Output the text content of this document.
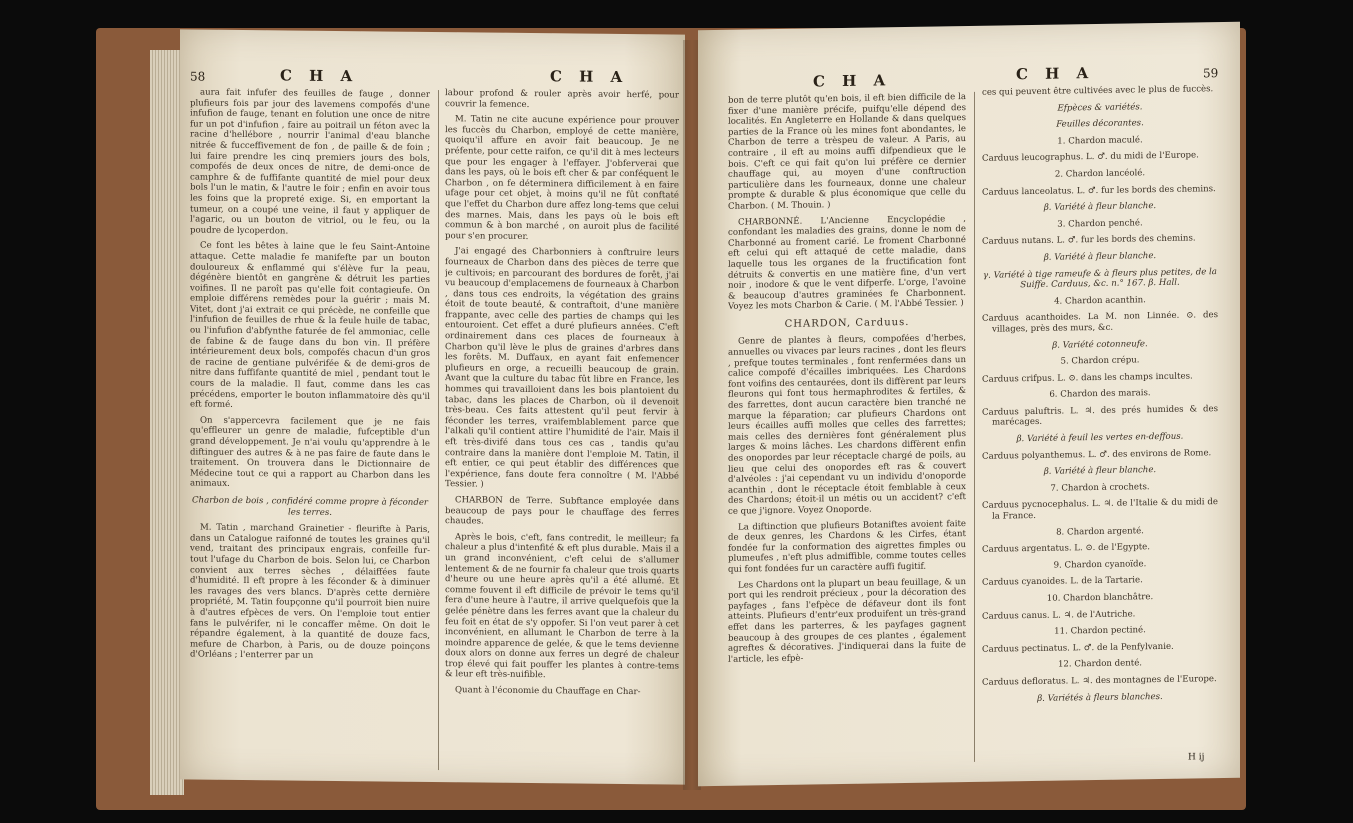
58	C H A	C H A

aura fait infufer des feuilles de fauge , donner plufieurs fois par jour des lavemens compofés d'une infufion de fauge, tenant en folution une once de nitre fur un pot d'infufion , faire au poitrail un féton avec la racine d'hellébore , nourrir l'animal d'eau blanche nitrée & fucceffivement de fon , de paille & de foin ; lui faire prendre les cinq premiers jours des bols, compofés de deux onces de nitre, de demi-once de camphre & de fuffifante quantité de miel pour deux bols l'un le matin, & l'autre le foir ; enfin en avoir tous les foins que la propreté exige. Si, en emportant la tumeur, on a coupé une veine, il faut y appliquer de l'agaric, ou un bouton de vitriol, ou le feu, ou la poudre de lycoperdon.

Ce font les bêtes à laine que le feu Saint-Antoine attaque. Cette maladie fe manifefte par un bouton douloureux & enflammé qui s'élève fur la peau, dégénère bientôt en gangrène & détruit les parties voifines. Il ne paroît pas qu'elle foit contagieufe. On emploie différens remèdes pour la guérir ; mais M. Vitet, dont j'ai extrait ce qui précède, ne confeille que l'infufion de feuilles de rhue & la feule huile de tabac, ou l'infufion d'abfynthe faturée de fel ammoniac, celle de fabine & de fauge dans du bon vin. Il préfère intérieurement deux bols, compofés chacun d'un gros de racine de gentiane pulvérifée & de demi-gros de nitre dans fuffifante quantité de miel , pendant tout le cours de la maladie. Il faut, comme dans les cas précédens, emporter le bouton inflammatoire dès qu'il eft formé.

On s'appercevra facilement que je ne fais qu'effleurer un genre de maladie, fufceptible d'un grand développement. Je n'ai voulu qu'apprendre à le diftinguer des autres & à ne pas faire de faute dans le traitement. On trouvera dans le Dictionnaire de Médecine tout ce qui a rapport au Charbon dans les animaux.

Charbon de bois , confidéré comme propre à féconder les terres.

M. Tatin , marchand Grainetier - fleurifte à Paris, dans un Catalogue raifonné de toutes les graines qu'il vend, traitant des principaux engrais, confeille fur-tout l'ufage du Charbon de bois. Selon lui, ce Charbon convient aux terres sèches , délaiffées faute d'humidité. Il eft propre à les féconder & à diminuer les ravages des vers blancs. D'après cette dernière propriété, M. Tatin foupçonne qu'il pourroit bien nuire à d'autres efpèces de vers. On l'emploie tout entier fans le pulvérifer, ni le concaffer même. On doit le répandre également, à la quantité de douze facs, mefure de Charbon, à Paris, ou de douze poinçons d'Orléans ; l'enterrer par un

labour profond & rouler après avoir herfé, pour couvrir la femence.

M. Tatin ne cite aucune expérience pour prouver les fuccès du Charbon, employé de cette manière, quoiqu'il affure en avoir fait beaucoup. Je ne préfente, pour cette raifon, ce qu'il dit à mes lecteurs que pour les engager à l'effayer. J'obferverai que dans les pays, où le bois eft cher & par conféquent le Charbon , on fe déterminera difficilement à en faire ufage pour cet objet, à moins qu'il ne fût conftaté que l'effet du Charbon dure affez long-tems que celui des marnes. Mais, dans les pays où le bois eft commun & à bon marché , on auroit plus de facilité pour s'en procurer.

J'ai engagé des Charbonniers à conftruire leurs fourneaux de Charbon dans des pièces de terre que je cultivois; en parcourant des bordures de forêt, j'ai vu beaucoup d'emplacemens de fourneaux à Charbon , dans tous ces endroits, la végétation des grains étoit de toute beauté, & contraftoit, d'une manière frappante, avec celle des parties de champs qui les entouroient. Cet effet a duré plufieurs années. C'eft ordinairement dans ces places de fourneaux à Charbon qu'il lève le plus de graines d'arbres dans les forêts. M. Duffaux, en ayant fait enfemencer plufieurs en orge, a recueilli beaucoup de grain. Avant que la culture du tabac fût libre en France, les hommes qui travailloient dans les bois plantoient du tabac, dans les places de Charbon, où il devenoit très-beau. Ces faits attestent qu'il peut fervir à féconder les terres, vraifemblablement parce que l'alkali qu'il contient attire l'humidité de l'air. Mais il eft très-divifé dans tous ces cas , tandis qu'au contraire dans la manière dont l'emploie M. Tatin, il eft entier, ce qui peut établir des différences que l'expérience, fans doute fera connoître ( M. l'Abbé Tessier. )

CHARBON de Terre. Subftance employée dans beaucoup de pays pour le chauffage des ferres chaudes.

Après le bois, c'eft, fans contredit, le meilleur; fa chaleur a plus d'intenfité & eft plus durable. Mais il a un grand inconvénient, c'eft celui de s'allumer lentement & de ne fournir fa chaleur que trois quarts d'heure ou une heure après qu'il a été allumé. Et comme fouvent il eft difficile de prévoir le tems qu'il fera d'une heure à l'autre, il arrive quelquefois que la gelée pénètre dans les ferres avant que la chaleur du feu foit en état de s'y oppofer. Si l'on veut parer à cet inconvénient, en allumant le Charbon de terre à la moindre apparence de gelée, & que le tems devienne doux alors on donne aux ferres un degré de chaleur trop élevé qui fait pouffer les plantes à contre-tems & leur eft très-nuifible.

Quant à l'économie du Chauffage en Char-

C H A	C H A	59

bon de terre plutôt qu'en bois, il eft bien difficile de la fixer d'une manière précife, puifqu'elle dépend des localités. En Angleterre en Hollande & dans quelques parties de la France où les mines font abondantes, le Charbon de terre a trèspeu de valeur. A Paris, au contraire , il eft au moins auffi difpendieux que le bois. C'eft ce qui fait qu'on lui préfère ce dernier chauffage qui, au moyen d'une conftruction particulière dans les fourneaux, donne une chaleur prompte & durable & plus économique que celle du Charbon. ( M. Thouin. )

CHARBONNÉ. L'Ancienne Encyclopédie , confondant les maladies des grains, donne le nom de Charbonné au froment carié. Le froment Charbonné eft celui qui eft attaqué de cette maladie, dans laquelle tous les organes de la fructification font détruits & convertis en une matière fine, d'un vert noir , inodore & que le vent difperfe. L'orge, l'avoine & beaucoup d'autres graminées fe Charbonnent. Voyez les mots Charbon & Carie. ( M. l'Abbé Tessier. )

CHARDON, Carduus.

Genre de plantes à fleurs, compofées d'herbes, annuelles ou vivaces par leurs racines , dont les fleurs , prefque toutes terminales , font renfermées dans un calice compofé d'écailles imbriquées. Les Chardons font voifins des centaurées, dont ils diffèrent par leurs fleurons qui font tous hermaphrodites & fertiles, & des farrettes, dont aucun caractère bien tranché ne marque la féparation; car plufieurs Chardons ont leurs écailles auffi molles que celles des farrettes; mais celles des dernières font généralement plus larges & moins lâches. Les chardons diffèrent enfin des onopordes par leur réceptacle chargé de poils, au lieu que celui des onopordes eft ras & couvert d'alvéoles : j'ai cependant vu un individu d'onoporde acanthin , dont le réceptacle étoit femblable à ceux des Chardons; étoit-il un métis ou un accident? c'eft ce que j'ignore. Voyez Onoporde.

La diftinction que plufieurs Botaniftes avoient faite de deux genres, les Chardons & les Cirfes, étant fondée fur la conformation des aigrettes fimples ou plumeufes , n'eft plus admiffible, comme toutes celles qui font fondées fur un caractère auffi fugitif.

Les Chardons ont la plupart un beau feuillage, & un port qui les rendroit précieux , pour la décoration des payfages , fans l'efpèce de défaveur dont ils font atteints. Plufieurs d'entr'eux produifent un très-grand effet dans les parterres, & les payfages gagnent beaucoup à des groupes de ces plantes , également agreftes & décoratives. J'indiquerai dans la fuite de l'article, les efpè-

ces qui peuvent être cultivées avec le plus de fuccès.

Efpèces & variétés.

Feuilles décorantes.

1. Chardon maculé.

Carduus leucographus. L. ♂. du midi de l'Europe.

2. Chardon lancéolé.

Carduus lanceolatus. L. ♂. fur les bords des chemins.

β. Variété à fleur blanche.

3. Chardon penché.

Carduus nutans. L. ♂. fur les bords des chemins.

β. Variété à fleur blanche.

γ. Variété à tige rameufe & à fleurs plus petites, de la Suiffe. Carduus, &c. n.° 167. β. Hall.

4. Chardon acanthin.

Carduus acanthoides. La M. non Linnée. ⊙. des villages, près des murs, &c.

β. Variété cotonneufe.

5. Chardon crépu.

Carduus crifpus. L. ⊙. dans les champs incultes.

6. Chardon des marais.

Carduus paluftris. L. ♃. des prés humides & des marécages.

β. Variété à feuil les vertes en-deffous.

Carduus polyanthemus. L. ♂. des environs de Rome.

β. Variété à fleur blanche.

7. Chardon à crochets.

Carduus pycnocephalus. L. ♃. de l'Italie & du midi de la France.

8. Chardon argenté.

Carduus argentatus. L. ⊙. de l'Egypte.

9. Chardon cyanoïde.

Carduus cyanoides. L. de la Tartarie.

10. Chardon blanchâtre.

Carduus canus. L. ♃. de l'Autriche.

11. Chardon pectiné.

Carduus pectinatus. L. ♂. de la Penfylvanie.

12. Chardon denté.

Carduus defloratus. L. ♃. des montagnes de l'Europe.

β. Variétés à fleurs blanches.

H ij
